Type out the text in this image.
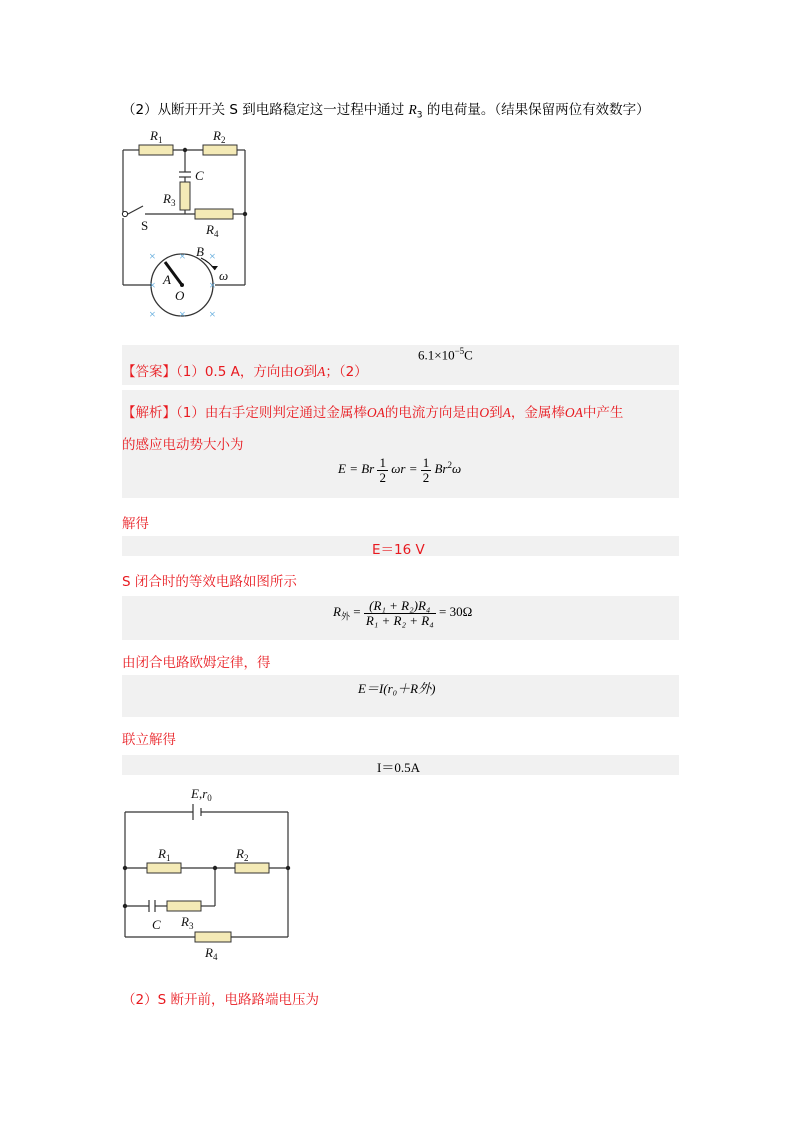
（2）从断开开关 S 到电路稳定这一过程中通过 $R_3$ 的电荷量。（结果保留两位有效数字）
× × ×
×	×
× × ×
$R_1$	$R_2$
C
$R_3$
$R_4$
B
ω
A
O
S
【答案】（1）0.5 A，方向由O到A；（2）
$6.1\times 10^{-5}C$
【解析】（1）由右手定则判定通过金属棒OA的电流方向是由O到A，金属棒OA中产生
的感应电动势大小为
E = Br $\frac{1}{2}$ $\omega r = \frac{1}{2} Br^2\omega$
解得
E＝16 V
S 闭合时的等效电路如图所示
$R_外 = \frac{\text{(R₁ + R₂)R₄}}{\text{R₁ + R₂ + R₄}} = 30\Omega$
由闭合电路欧姆定律，得
E＝I(r₀＋R外)
联立解得
I＝0.5A
$E,r_0$
$R_1$	$R_2$
C $R_3$
$R_4$
（2）S 断开前，电路路端电压为
